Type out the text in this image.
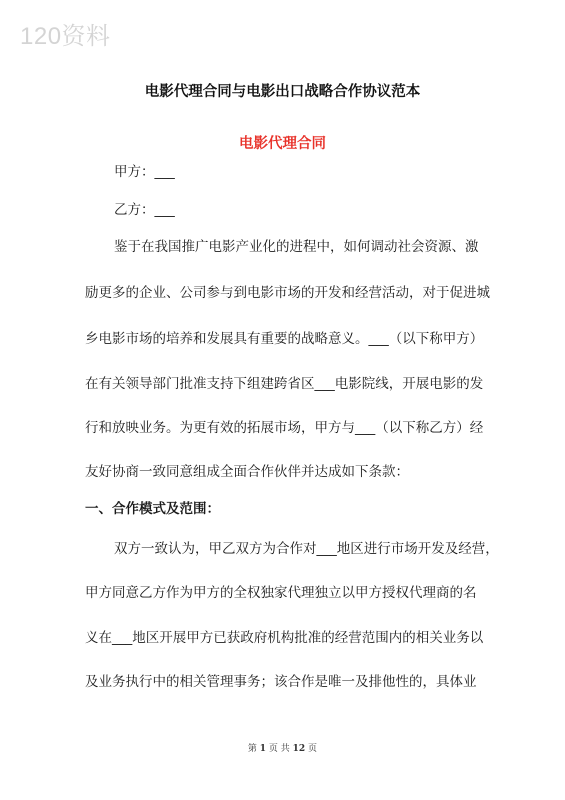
120资料
电影代理合同与电影出口战略合作协议范本
电影代理合同
甲方：___
乙方：___
鉴于在我国推广电影产业化的进程中，如何调动社会资源、激
励更多的企业、公司参与到电影市场的开发和经营活动，对于促进城
乡电影市场的培养和发展具有重要的战略意义。___（以下称甲方）
在有关领导部门批准支持下组建跨省区___电影院线，开展电影的发
行和放映业务。为更有效的拓展市场，甲方与___（以下称乙方）经
友好协商一致同意组成全面合作伙伴并达成如下条款：
一、合作模式及范围：
双方一致认为，甲乙双方为合作对___地区进行市场开发及经营，
甲方同意乙方作为甲方的全权独家代理独立以甲方授权代理商的名
义在___地区开展甲方已获政府机构批准的经营范围内的相关业务以
及业务执行中的相关管理事务；该合作是唯一及排他性的，具体业
第 1 页 共 12 页
